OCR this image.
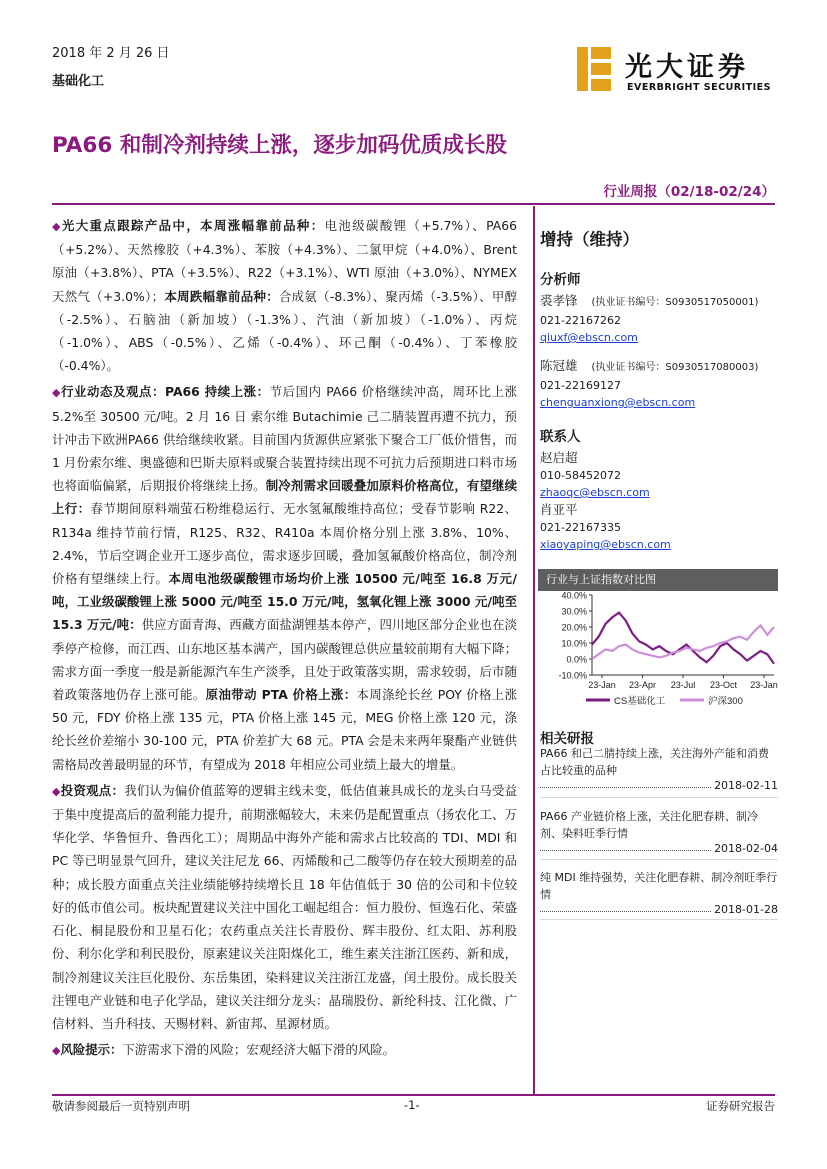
2018 年 2 月 26 日
基础化工	光大证券
EVERBRIGHT SECURITIES
PA66 和制冷剂持续上涨，逐步加码优质成长股
行业周报（02/18-02/24）

◆光大重点跟踪产品中，本周涨幅靠前品种：电池级碳酸锂（+5.7%）、PA66（+5.2%）、天然橡胶（+4.3%）、苯胺（+4.3%）、二氯甲烷（+4.0%）、Brent 原油（+3.8%）、PTA（+3.5%）、R22（+3.1%）、WTI 原油（+3.0%）、NYMEX 天然气（+3.0%）；本周跌幅靠前品种：合成氨（-8.3%）、聚丙烯（-3.5%）、甲醇（-2.5%）、石脑油（新加坡）（-1.3%）、汽油（新加坡）（-1.0%）、丙烷（-1.0%）、ABS（-0.5%）、乙烯（-0.4%）、环己酮（-0.4%）、丁苯橡胶（-0.4%）。

◆行业动态及观点：PA66 持续上涨：节后国内 PA66 价格继续冲高，周环比上涨 5.2%至 30500 元/吨。2 月 16 日 索尔维 Butachimie 己二腈装置再遭不抗力，预计冲击下欧洲PA66 供给继续收紧。目前国内货源供应紧张下聚合工厂低价惜售，而 1 月份索尔维、奥盛德和巴斯夫原料或聚合装置持续出现不可抗力后预期进口料市场也将面临偏紧，后期报价将继续上扬。制冷剂需求回暖叠加原料价格高位，有望继续上行：春节期间原料端萤石粉维稳运行、无水氢氟酸维持高位；受春节影响 R22、R134a 维持节前行情，R125、R32、R410a 本周价格分别上涨 3.8%、10%、2.4%，节后空调企业开工逐步高位，需求逐步回暖，叠加氢氟酸价格高位，制冷剂价格有望继续上行。本周电池级碳酸锂市场均价上涨 10500 元/吨至 16.8 万元/吨，工业级碳酸锂上涨 5000 元/吨至 15.0 万元/吨，氢氧化锂上涨 3000 元/吨至 15.3 万元/吨：供应方面青海、西藏方面盐湖锂基本停产，四川地区部分企业也在淡季停产检修，而江西、山东地区基本满产，国内碳酸锂总供应量较前期有大幅下降；需求方面一季度一般是新能源汽车生产淡季，且处于政策落实期，需求较弱，后市随着政策落地仍存上涨可能。原油带动 PTA 价格上涨：本周涤纶长丝 POY 价格上涨 50 元，FDY 价格上涨 135 元，PTA 价格上涨 145 元，MEG 价格上涨 120 元，涤纶长丝价差缩小 30-100 元，PTA 价差扩大 68 元。PTA 会是未来两年聚酯产业链供需格局改善最明显的环节，有望成为 2018 年相应公司业绩上最大的增量。

◆投资观点：我们认为偏价值蓝筹的逻辑主线未变，低估值兼具成长的龙头白马受益于集中度提高后的盈利能力提升，前期涨幅较大，未来仍是配置重点（扬农化工、万华化学、华鲁恒升、鲁西化工）；周期品中海外产能和需求占比较高的 TDI、MDI 和 PC 等已明显景气回升，建议关注尼龙 66、丙烯酸和己二酸等仍存在较大预期差的品种；成长股方面重点关注业绩能够持续增长且 18 年估值低于 30 倍的公司和卡位较好的低市值公司。板块配置建议关注中国化工崛起组合：恒力股份、恒逸石化、荣盛石化、桐昆股份和卫星石化；农药重点关注长青股份、辉丰股份、红太阳、苏利股份、利尔化学和利民股份，原素建议关注阳煤化工，维生素关注浙江医药、新和成，制冷剂建议关注巨化股份、东岳集团，染料建议关注浙江龙盛，闰土股份。成长股关注锂电产业链和电子化学品，建议关注细分龙头：晶瑞股份、新纶科技、江化微、广信材料、当升科技、天赐材料、新宙邦、星源材质。

◆风险提示：下游需求下滑的风险；宏观经济大幅下滑的风险。

增持（维持）
分析师
裘孝锋 (执业证书编号：S0930517050001)
021-22167262
qiuxf@ebscn.com
陈冠雄 (执业证书编号：S0930517080003)
021-22169127
chenguanxiong@ebscn.com
联系人
赵启超
010-58452072
zhaoqc@ebscn.com
肖亚平
021-22167335
xiaoyaping@ebscn.com
行业与上证指数对比图
40.0%
30.0%
20.0%
10.0%
0.0%
-10.0%
23-Jan 23-Apr 23-Jul 23-Oct 23-Jan
CS基础化工	沪深300
相关研报
PA66 和己二腈持续上涨，关注海外产能和消费占比较重的品种
2018-02-11
PA66 产业链价格上涨，关注化肥春耕、制冷剂、染料旺季行情
2018-02-04
纯 MDI 维持强势，关注化肥春耕、制冷剂旺季行情
2018-01-28
敬请参阅最后一页特别声明	-1-	证券研究报告
